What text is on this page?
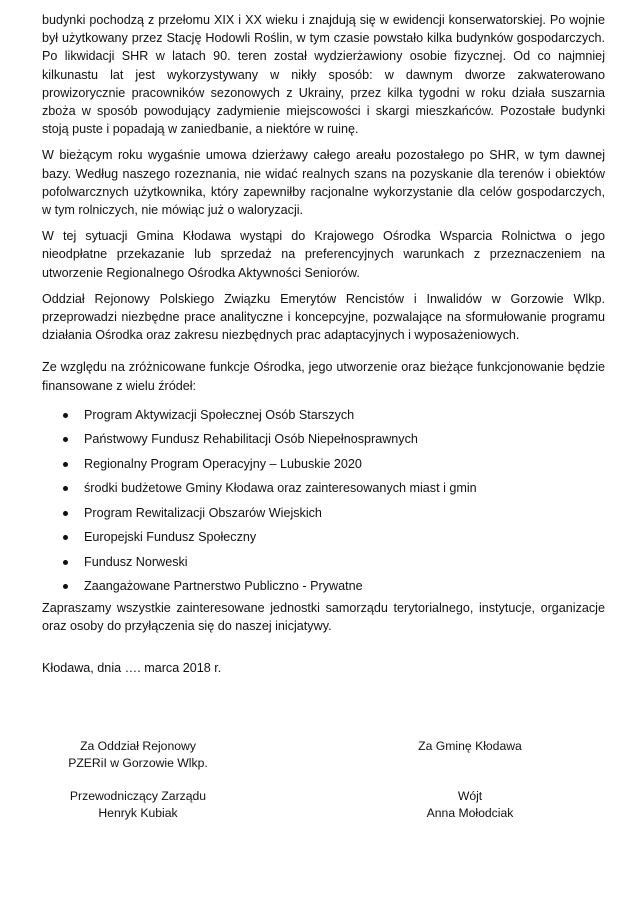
budynki pochodzą z przełomu XIX i XX wieku i znajdują się w ewidencji konserwatorskiej. Po wojnie był użytkowany przez Stację Hodowli Roślin, w tym czasie powstało kilka budynków gospodarczych. Po likwidacji SHR w latach 90. teren został wydzierżawiony osobie fizycznej. Od co najmniej kilkunastu lat jest wykorzystywany w nikły sposób: w dawnym dworze zakwaterowano prowizorycznie pracowników sezonowych z Ukrainy, przez kilka tygodni w roku działa suszarnia zboża w sposób powodujący zadymienie miejscowości i skargi mieszkańców. Pozostałe budynki stoją puste i popadają w zaniedbanie, a niektóre w ruinę.

W bieżącym roku wygaśnie umowa dzierżawy całego areału pozostałego po SHR, w tym dawnej bazy. Według naszego rozeznania, nie widać realnych szans na pozyskanie dla terenów i obiektów pofolwarcznych użytkownika, który zapewniłby racjonalne wykorzystanie dla celów gospodarczych, w tym rolniczych, nie mówiąc już o waloryzacji.

W tej sytuacji Gmina Kłodawa wystąpi do Krajowego Ośrodka Wsparcia Rolnictwa o jego nieodpłatne przekazanie lub sprzedaż na preferencyjnych warunkach z przeznaczeniem na utworzenie Regionalnego Ośrodka Aktywności Seniorów.

Oddział Rejonowy Polskiego Związku Emerytów Rencistów i Inwalidów w Gorzowie Wlkp. przeprowadzi niezbędne prace analityczne i koncepcyjne, pozwalające na sformułowanie programu działania Ośrodka oraz zakresu niezbędnych prac adaptacyjnych i wyposażeniowych.

Ze względu na zróżnicowane funkcje Ośrodka, jego utworzenie oraz bieżące funkcjonowanie będzie finansowane z wielu źródeł:

Program Aktywizacji Społecznej Osób Starszych
Państwowy Fundusz Rehabilitacji Osób Niepełnosprawnych
Regionalny Program Operacyjny – Lubuskie 2020
środki budżetowe Gminy Kłodawa oraz zainteresowanych miast i gmin
Program Rewitalizacji Obszarów Wiejskich
Europejski Fundusz Społeczny
Fundusz Norweski
Zaangażowane Partnerstwo Publiczno - Prywatne

Zapraszamy wszystkie zainteresowane jednostki samorządu terytorialnego, instytucje, organizacje oraz osoby do przyłączenia się do naszej inicjatywy.

Kłodawa, dnia …. marca 2018 r.

Za Oddział Rejonowy
PZERiI w Gorzowie Wlkp.
Przewodniczący Zarządu
Henryk Kubiak
Za Gminę Kłodawa

Wójt
Anna Mołodciak
